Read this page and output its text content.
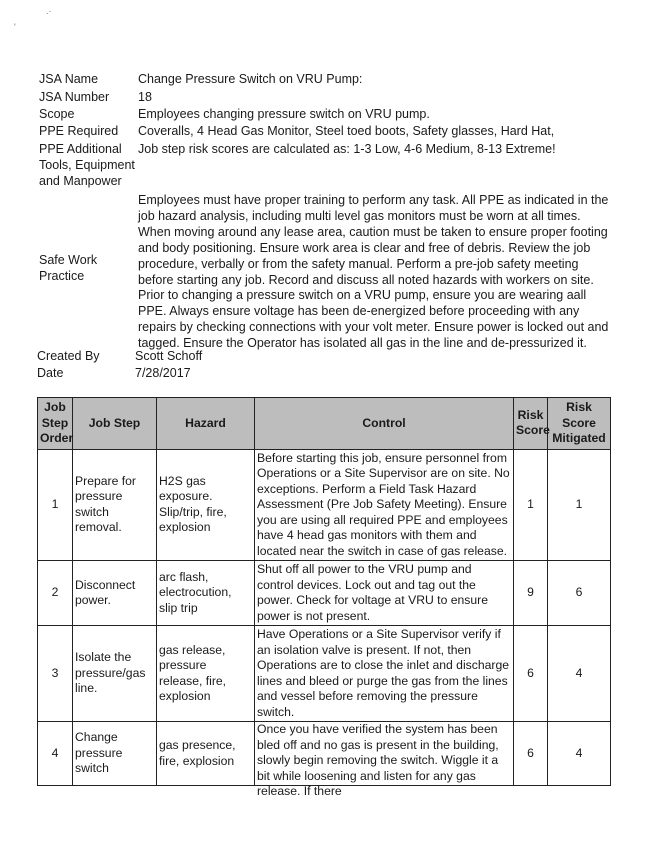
.·
'
JSA Name	Change Pressure Switch on VRU Pump:
JSA Number 18
Scope	Employees changing pressure switch on VRU pump.
PPE Required Coveralls, 4 Head Gas Monitor, Steel toed boots, Safety glasses, Hard Hat,
PPE Additional Job step risk scores are calculated as: 1-3 Low, 4-6 Medium, 8-13 Extreme!
Tools, Equipment
and Manpower
Employees must have proper training to perform any task. All PPE as indicated in the job hazard analysis, including multi level gas monitors must be worn at all times. When moving around any lease area, caution must be taken to ensure proper footing and body positioning. Ensure work area is clear and free of debris. Review the job procedure, verbally or from the safety manual. Perform a pre-job safety meeting before starting any job. Record and discuss all noted hazards with workers on site. Prior to changing a pressure switch on a VRU pump, ensure you are wearing aall PPE. Always ensure voltage has been de-energized before proceeding with any repairs by checking connections with your volt meter. Ensure power is locked out and tagged. Ensure the Operator has isolated all gas in the line and de-pressurized it.
Safe Work
Practice
Created By	Scott Schoff
Date	7/28/2017
Job Step Order	Job Step	Hazard	Control	Risk Score	Risk Score Mitigated
1	Prepare for pressure switch removal.	H2S gas exposure. Slip/trip, fire, explosion	Before starting this job, ensure personnel from Operations or a Site Supervisor are on site. No exceptions. Perform a Field Task Hazard Assessment (Pre Job Safety Meeting). Ensure you are using all required PPE and employees have 4 head gas monitors with them and located near the switch in case of gas release.	1	1
2	Disconnect power.	arc flash, electrocution, slip trip	Shut off all power to the VRU pump and control devices. Lock out and tag out the power. Check for voltage at VRU to ensure power is not present.	9	6
3	Isolate the pressure/gas line.	gas release, pressure release, fire, explosion	Have Operations or a Site Supervisor verify if an isolation valve is present. If not, then Operations are to close the inlet and discharge lines and bleed or purge the gas from the lines and vessel before removing the pressure switch.	6	4
4	Change pressure switch	gas presence, fire, explosion	Once you have verified the system has been bled off and no gas is present in the building, slowly begin removing the switch. Wiggle it a bit while loosening and listen for any gas release. If there	6	4
